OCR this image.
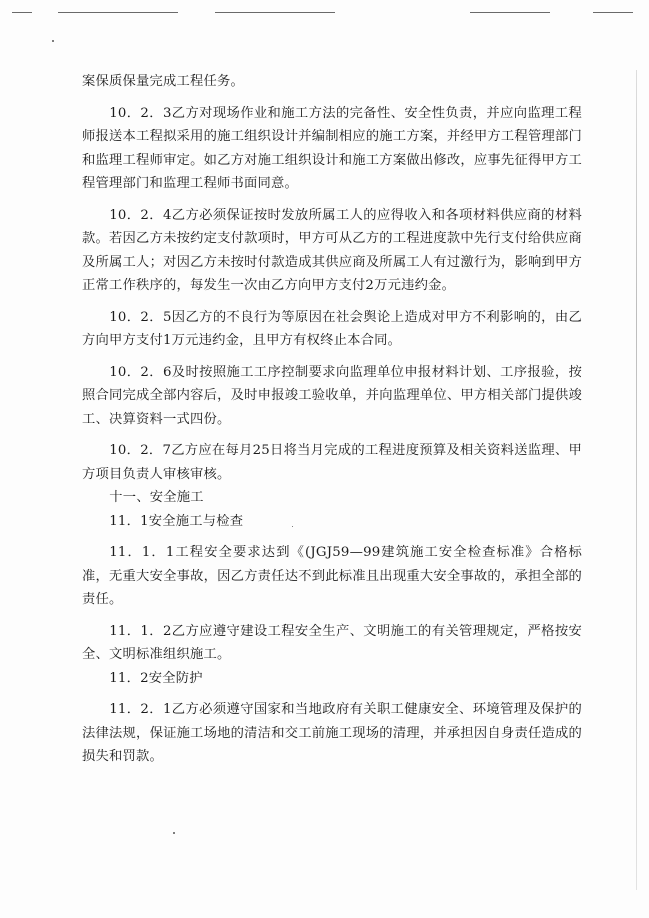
案保质保量完成工程任务。

10．2．3乙方对现场作业和施工方法的完备性、安全性负责，并应向监理工程师报送本工程拟采用的施工组织设计并编制相应的施工方案，并经甲方工程管理部门和监理工程师审定。如乙方对施工组织设计和施工方案做出修改，应事先征得甲方工程管理部门和监理工程师书面同意。

10．2．4乙方必须保证按时发放所属工人的应得收入和各项材料供应商的材料款。若因乙方未按约定支付款项时，甲方可从乙方的工程进度款中先行支付给供应商及所属工人；对因乙方未按时付款造成其供应商及所属工人有过激行为，影响到甲方正常工作秩序的，每发生一次由乙方向甲方支付2万元违约金。

10．2．5因乙方的不良行为等原因在社会舆论上造成对甲方不利影响的，由乙方向甲方支付1万元违约金，且甲方有权终止本合同。

10．2．6及时按照施工工序控制要求向监理单位申报材料计划、工序报验，按照合同完成全部内容后，及时申报竣工验收单，并向监理单位、甲方相关部门提供竣工、决算资料一式四份。

10．2．7乙方应在每月25日将当月完成的工程进度预算及相关资料送监理、甲方项目负责人审核审核。

十一、安全施工

11．1安全施工与检查

11．1．1工程安全要求达到《(JGJ59—99建筑施工安全检查标准》合格标准，无重大安全事故，因乙方责任达不到此标准且出现重大安全事故的，承担全部的责任。

11．1．2乙方应遵守建设工程安全生产、文明施工的有关管理规定，严格按安全、文明标准组织施工。

11．2安全防护

11．2．1乙方必须遵守国家和当地政府有关职工健康安全、环境管理及保护的法律法规，保证施工场地的清洁和交工前施工现场的清理，并承担因自身责任造成的损失和罚款。
